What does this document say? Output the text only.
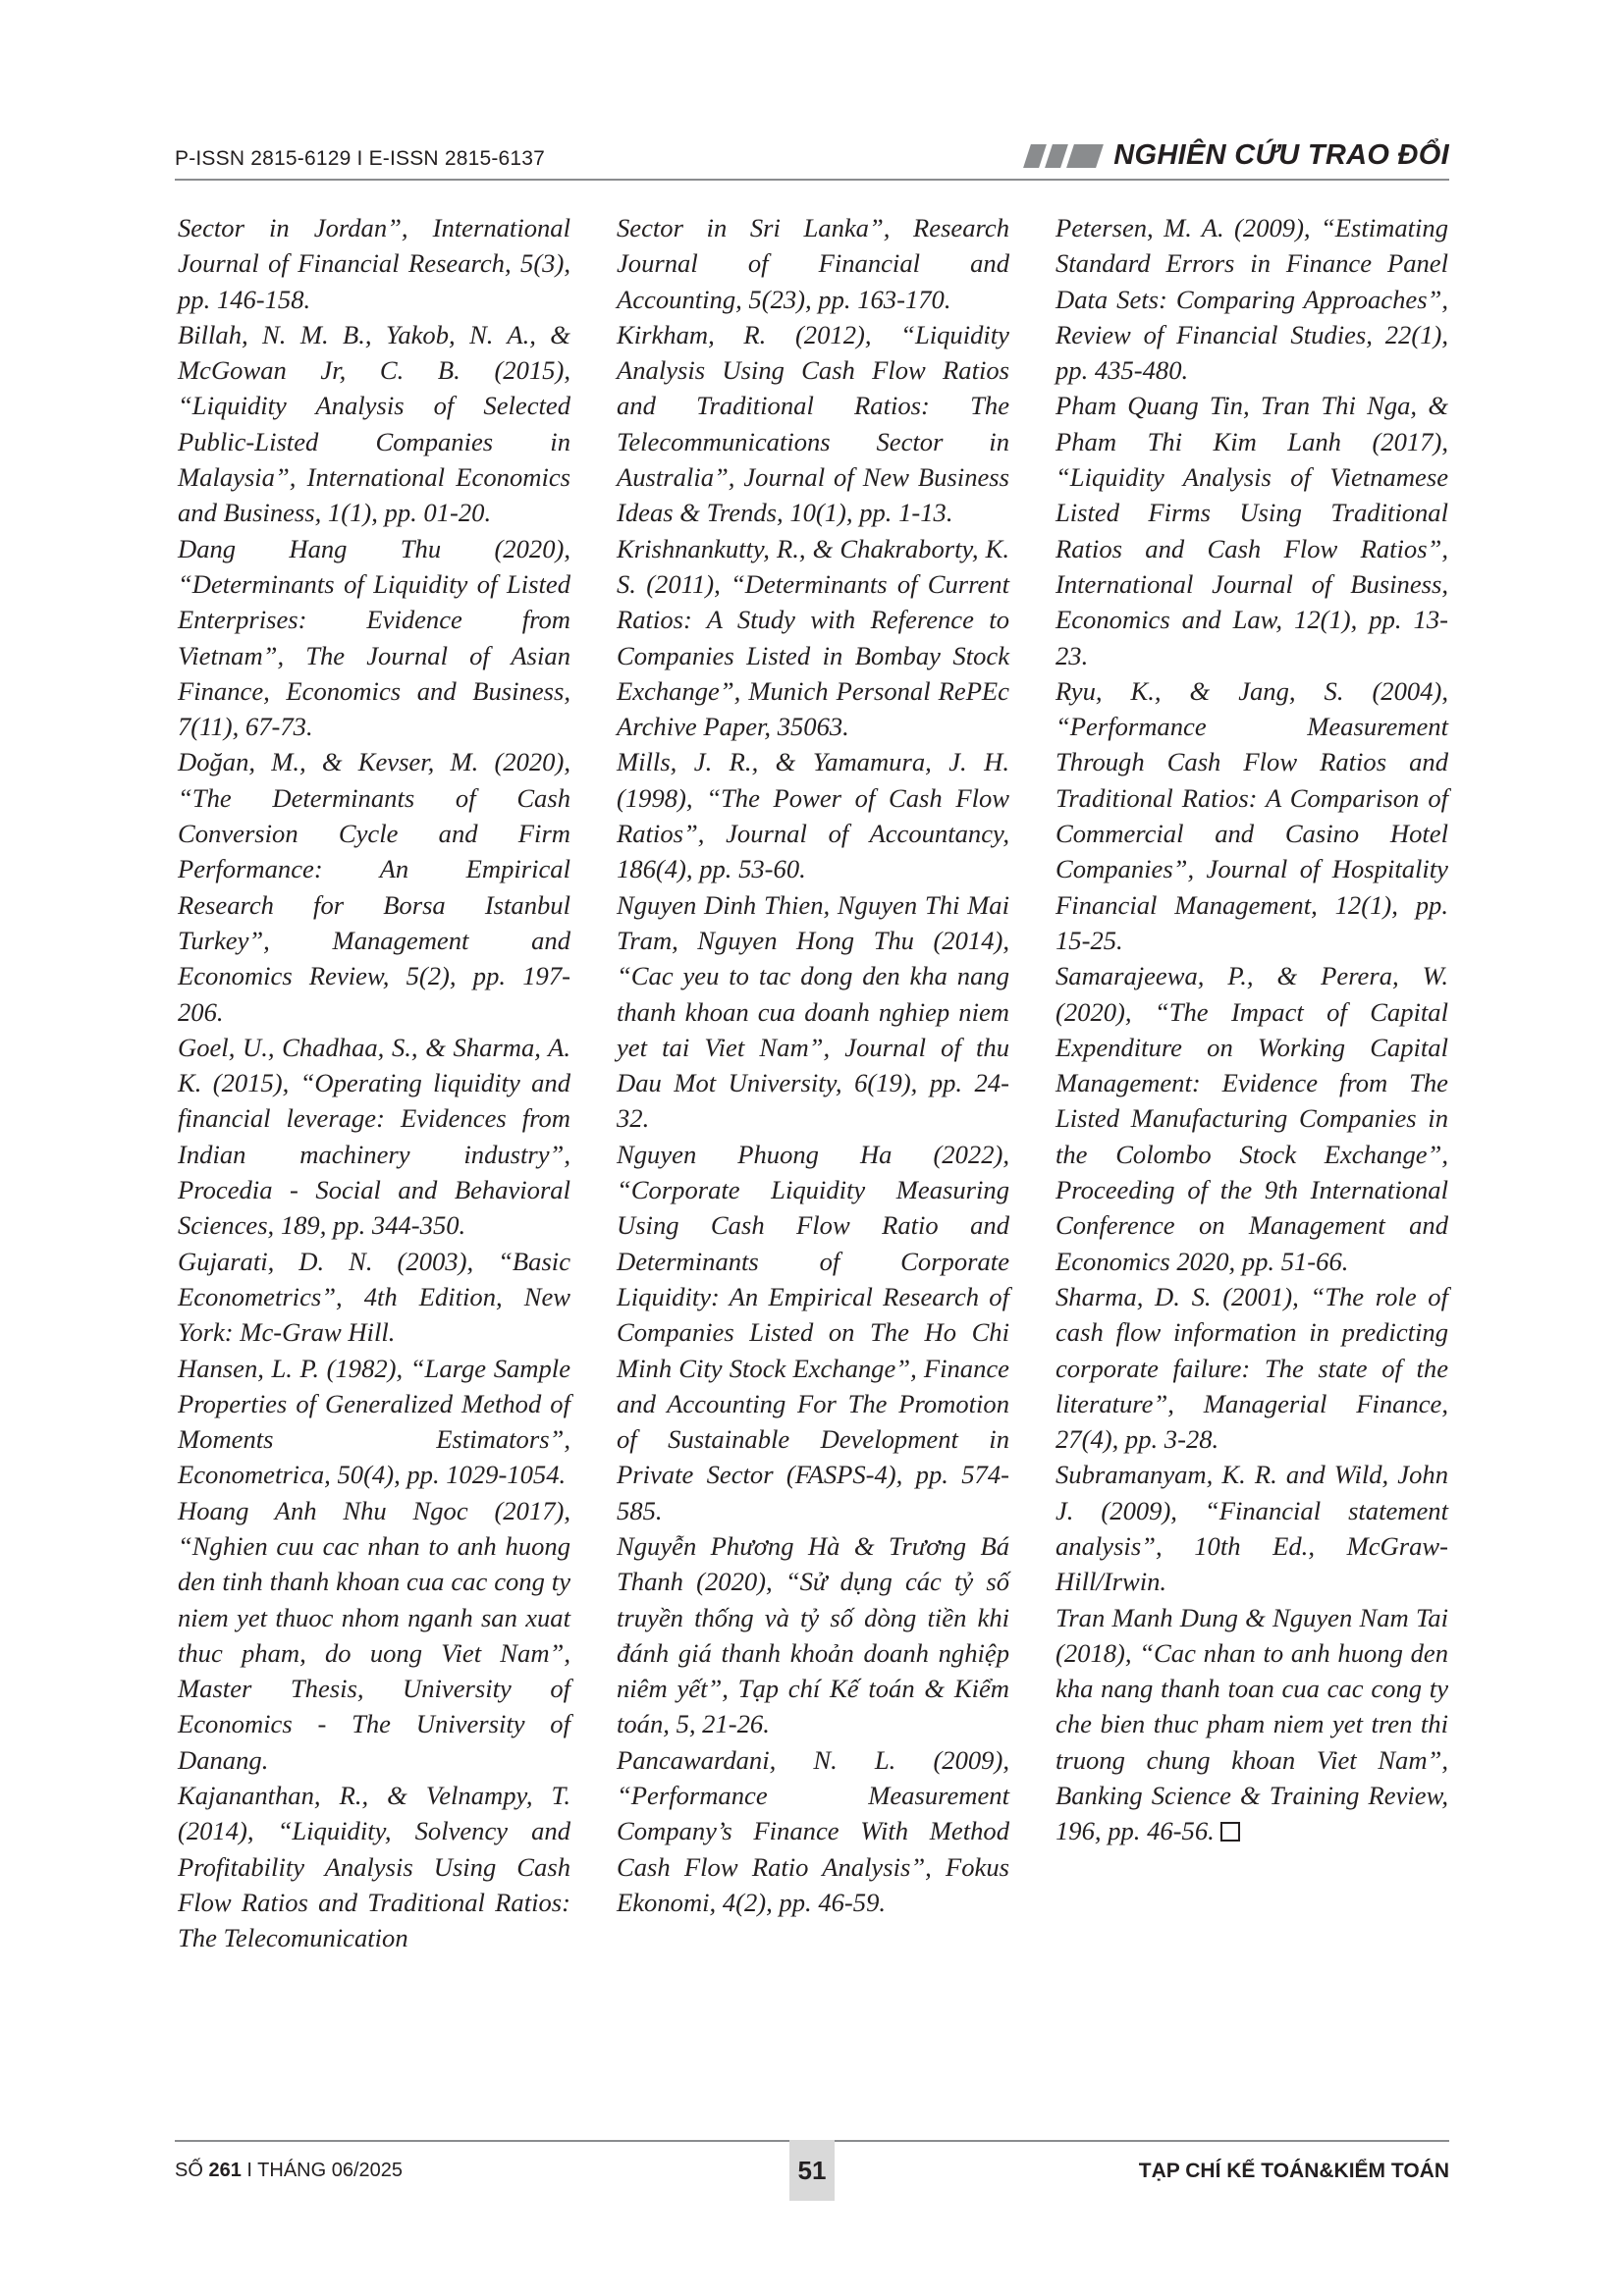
P-ISSN 2815-6129 I E-ISSN 2815-6137	NGHIÊN CỨU TRAO ĐỔI

Sector in Jordan”, International Journal of Financial Research, 5(3), pp. 146-158.

Billah, N. M. B., Yakob, N. A., & McGowan Jr, C. B. (2015), “Liquidity Analysis of Selected Public-Listed Companies in Malaysia”, International Economics and Business, 1(1), pp. 01-20.

Dang Hang Thu (2020), “Determinants of Liquidity of Listed Enterprises: Evidence from Vietnam”, The Journal of Asian Finance, Economics and Business, 7(11), 67-73.

Doğan, M., & Kevser, M. (2020), “The Determinants of Cash Conversion Cycle and Firm Performance: An Empirical Research for Borsa Istanbul Turkey”, Management and Economics Review, 5(2), pp. 197-206.

Goel, U., Chadhaa, S., & Sharma, A. K. (2015), “Operating liquidity and financial leverage: Evidences from Indian machinery industry”, Procedia - Social and Behavioral Sciences, 189, pp. 344-350.

Gujarati, D. N. (2003), “Basic Econometrics”, 4th Edition, New York: Mc-Graw Hill.

Hansen, L. P. (1982), “Large Sample Properties of Generalized Method of Moments Estimators”, Econometrica, 50(4), pp. 1029-1054.

Hoang Anh Nhu Ngoc (2017), “Nghien cuu cac nhan to anh huong den tinh thanh khoan cua cac cong ty niem yet thuoc nhom nganh san xuat thuc pham, do uong Viet Nam”, Master Thesis, University of Economics - The University of Danang.

Kajananthan, R., & Velnampy, T. (2014), “Liquidity, Solvency and Profitability Analysis Using Cash Flow Ratios and Traditional Ratios: The Telecomunication

Sector in Sri Lanka”, Research Journal of Financial and Accounting, 5(23), pp. 163-170.

Kirkham, R. (2012), “Liquidity Analysis Using Cash Flow Ratios and Traditional Ratios: The Telecommunications Sector in Australia”, Journal of New Business Ideas & Trends, 10(1), pp. 1-13.

Krishnankutty, R., & Chakraborty, K. S. (2011), “Determinants of Current Ratios: A Study with Reference to Companies Listed in Bombay Stock Exchange”, Munich Personal RePEc Archive Paper, 35063.

Mills, J. R., & Yamamura, J. H. (1998), “The Power of Cash Flow Ratios”, Journal of Accountancy, 186(4), pp. 53-60.

Nguyen Dinh Thien, Nguyen Thi Mai Tram, Nguyen Hong Thu (2014), “Cac yeu to tac dong den kha nang thanh khoan cua doanh nghiep niem yet tai Viet Nam”, Journal of thu Dau Mot University, 6(19), pp. 24-32.

Nguyen Phuong Ha (2022), “Corporate Liquidity Measuring Using Cash Flow Ratio and Determinants of Corporate Liquidity: An Empirical Research of Companies Listed on The Ho Chi Minh City Stock Exchange”, Finance and Accounting For The Promotion of Sustainable Development in Private Sector (FASPS-4), pp. 574-585.

Nguyễn Phương Hà & Trương Bá Thanh (2020), “Sử dụng các tỷ số truyền thống và tỷ số dòng tiền khi đánh giá thanh khoản doanh nghiệp niêm yết”, Tạp chí Kế toán & Kiểm toán, 5, 21-26.

Pancawardani, N. L. (2009), “Performance Measurement Company’s Finance With Method Cash Flow Ratio Analysis”, Fokus Ekonomi, 4(2), pp. 46-59.

Petersen, M. A. (2009), “Estimating Standard Errors in Finance Panel Data Sets: Comparing Approaches”, Review of Financial Studies, 22(1), pp. 435-480.

Pham Quang Tin, Tran Thi Nga, & Pham Thi Kim Lanh (2017), “Liquidity Analysis of Vietnamese Listed Firms Using Traditional Ratios and Cash Flow Ratios”, International Journal of Business, Economics and Law, 12(1), pp. 13-23.

Ryu, K., & Jang, S. (2004), “Performance Measurement Through Cash Flow Ratios and Traditional Ratios: A Comparison of Commercial and Casino Hotel Companies”, Journal of Hospitality Financial Management, 12(1), pp. 15-25.

Samarajeewa, P., & Perera, W. (2020), “The Impact of Capital Expenditure on Working Capital Management: Evidence from The Listed Manufacturing Companies in the Colombo Stock Exchange”, Proceeding of the 9th International Conference on Management and Economics 2020, pp. 51-66.

Sharma, D. S. (2001), “The role of cash flow information in predicting corporate failure: The state of the literature”, Managerial Finance, 27(4), pp. 3-28.

Subramanyam, K. R. and Wild, John J. (2009), “Financial statement analysis”, 10th Ed., McGraw-Hill/Irwin.

Tran Manh Dung & Nguyen Nam Tai (2018), “Cac nhan to anh huong den kha nang thanh toan cua cac cong ty che bien thuc pham niem yet tren thi truong chung khoan Viet Nam”, Banking Science & Training Review, 196, pp. 46-56.

SỐ 261 I THÁNG 06/2025	51	TẠP CHÍ KẾ TOÁN&KIỂM TOÁN
